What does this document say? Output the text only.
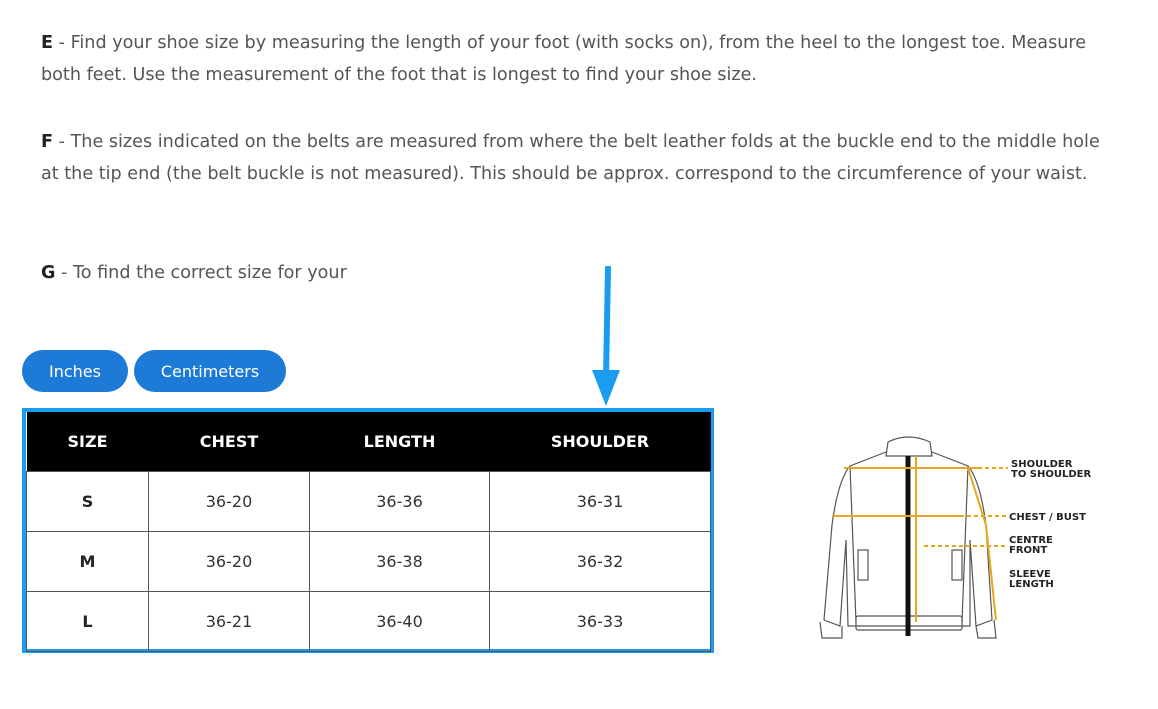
E - Find your shoe size by measuring the length of your foot (with socks on), from the heel to the longest toe. Measure both feet. Use the measurement of the foot that is longest to find your shoe size.

F - The sizes indicated on the belts are measured from where the belt leather folds at the buckle end to the middle hole at the tip end (the belt buckle is not measured). This should be approx. correspond to the circumference of your waist.

G - To find the correct size for your

Inches	Centimeters
SIZE	CHEST	LENGTH	SHOULDER
S	36-20	36-36	36-31
M	36-20	36-38	36-32
L	36-21	36-40	36-33
SHOULDER
TO SHOULDER
CHEST / BUST
CENTRE
FRONT
SLEEVE
LENGTH
